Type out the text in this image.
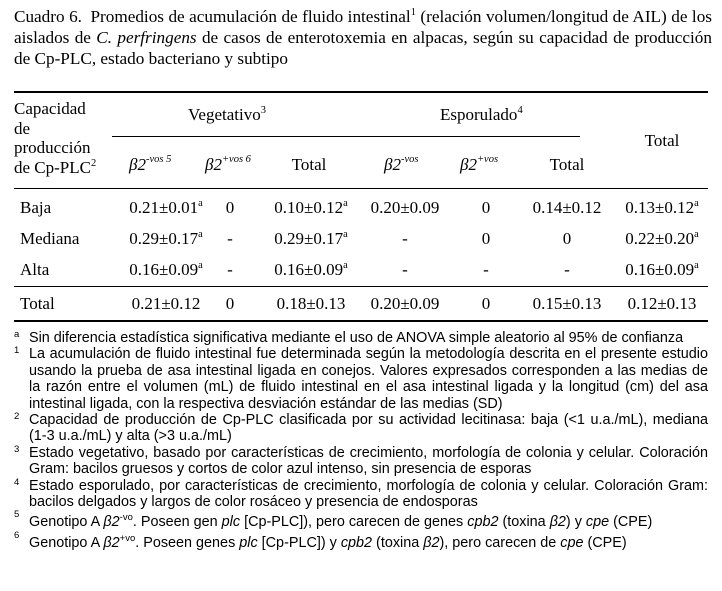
Cuadro 6. Promedios de acumulación de fluido intestinal$^1$ (relación volumen/longitud de AIL) de los aislados de C. perfringens de casos de enterotoxemia en alpacas, según su capacidad de producción de Cp-PLC, estado bacteriano y subtipo
Capacidad
de
producción
de Cp-PLC$^2$
Vegetativo$^3$	Esporulado$^4$
Total
$\beta 2^{-vos 5}$ $\beta 2^{+vos 6}$ Total	$\beta 2^{-vos}$ $\beta 2^{+vos}$	Total
Baja	0.21±0.01$^a$ 0 0.10±0.12$^a$ 0.20±0.09 0 0.14±0.12 0.13±0.12$^a$
Mediana	0.29±0.17$^a$ - 0.29±0.17$^a$	-	0	0	0.22±0.20$^a$
Alta	0.16±0.09$^a$ - 0.16±0.09$^a$	-	-	-	0.16±0.09$^a$
Total	0.21±0.12 0 0.18±0.13 0.20±0.09 0 0.15±0.13 0.12±0.13
a Sin diferencia estadística significativa mediante el uso de ANOVA simple aleatorio al 95% de confianza
1 La acumulación de fluido intestinal fue determinada según la metodología descrita en el presente estudio usando la prueba de asa intestinal ligada en conejos. Valores expresados corresponden a las medias de la razón entre el volumen (mL) de fluido intestinal en el asa intestinal ligada y la longitud (cm) del asa intestinal ligada, con la respectiva desviación estándar de las medias (SD)
2 Capacidad de producción de Cp-PLC clasificada por su actividad lecitinasa: baja (<1 u.a./mL), mediana (1-3 u.a./mL) y alta (>3 u.a./mL)
3 Estado vegetativo, basado por características de crecimiento, morfología de colonia y celular. Coloración Gram: bacilos gruesos y cortos de color azul intenso, sin presencia de esporas
4 Estado esporulado, por características de crecimiento, morfología de colonia y celular. Coloración Gram: bacilos delgados y largos de color rosáceo y presencia de endosporas
5 Genotipo A $\beta 2^{-vo}$. Poseen gen plc [Cp-PLC]), pero carecen de genes cpb2 (toxina β2) y cpe (CPE)
6 Genotipo A $\beta 2^{+vo}$. Poseen genes plc [Cp-PLC]) y cpb2 (toxina β2), pero carecen de cpe (CPE)
